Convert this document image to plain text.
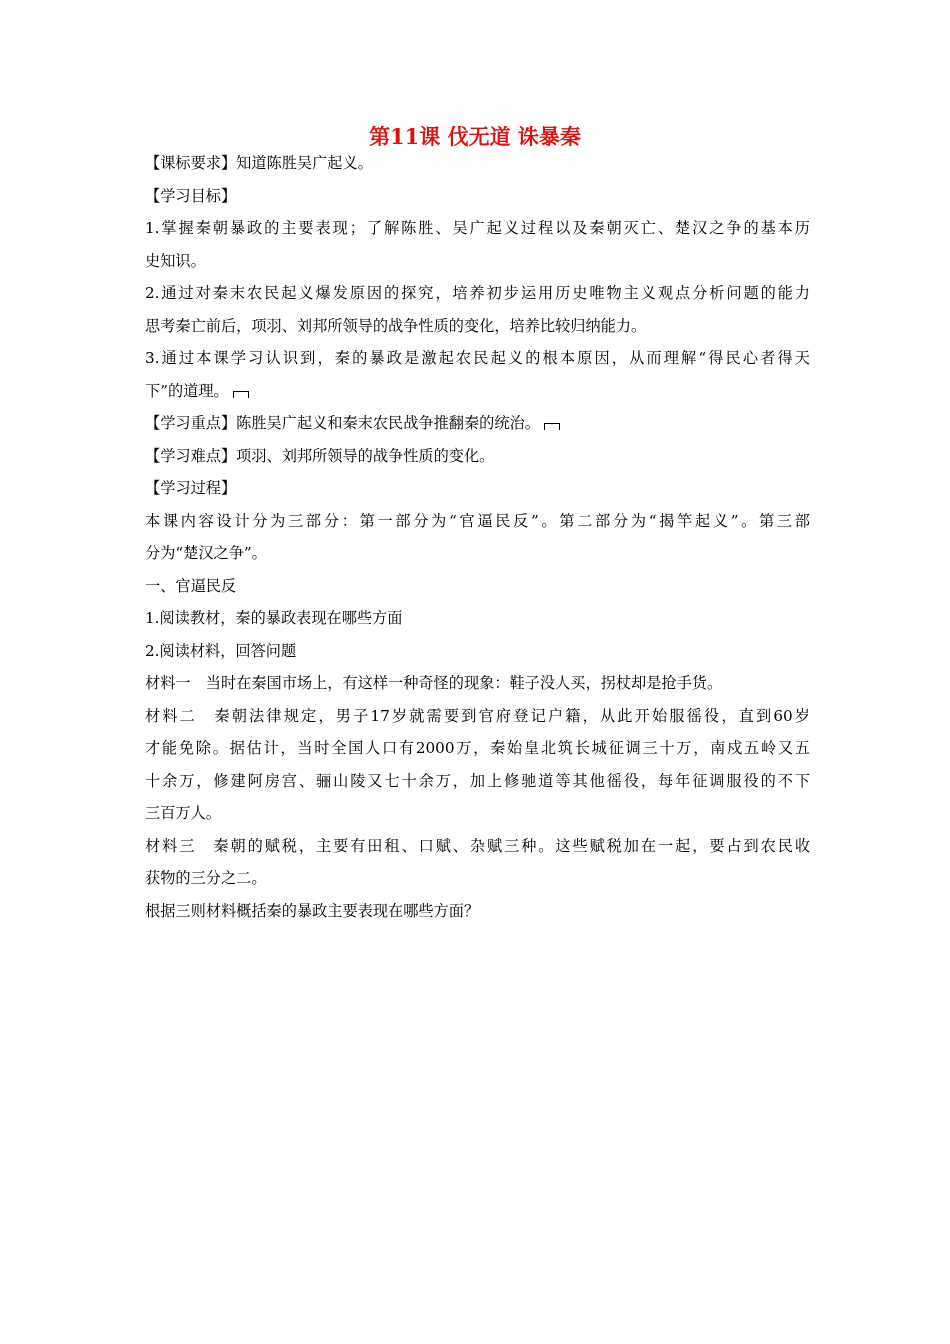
第11课 伐无道 诛暴秦

【课标要求】知道陈胜吴广起义。

【学习目标】

1.掌握秦朝暴政的主要表现；了解陈胜、吴广起义过程以及秦朝灭亡、楚汉之争的基本历

史知识。

2.通过对秦末农民起义爆发原因的探究，培养初步运用历史唯物主义观点分析问题的能力

思考秦亡前后，项羽、刘邦所领导的战争性质的变化，培养比较归纳能力。

3.通过本课学习认识到，秦的暴政是激起农民起义的根本原因，从而理解“得民心者得天

下”的道理。

【学习重点】陈胜吴广起义和秦末农民战争推翻秦的统治。

【学习难点】项羽、刘邦所领导的战争性质的变化。

【学习过程】

本课内容设计分为三部分：第一部分为“官逼民反”。第二部分为“揭竿起义”。第三部

分为“楚汉之争”。

一、官逼民反

1.阅读教材，秦的暴政表现在哪些方面

2.阅读材料，回答问题

材料一　当时在秦国市场上，有这样一种奇怪的现象：鞋子没人买，拐杖却是抢手货。

材料二　秦朝法律规定，男子17岁就需要到官府登记户籍，从此开始服徭役，直到60岁

才能免除。据估计，当时全国人口有2000万，秦始皇北筑长城征调三十万，南戍五岭又五

十余万，修建阿房宫、骊山陵又七十余万，加上修驰道等其他徭役，每年征调服役的不下

三百万人。

材料三　秦朝的赋税，主要有田租、口赋、杂赋三种。这些赋税加在一起，要占到农民收

获物的三分之二。

根据三则材料概括秦的暴政主要表现在哪些方面？
